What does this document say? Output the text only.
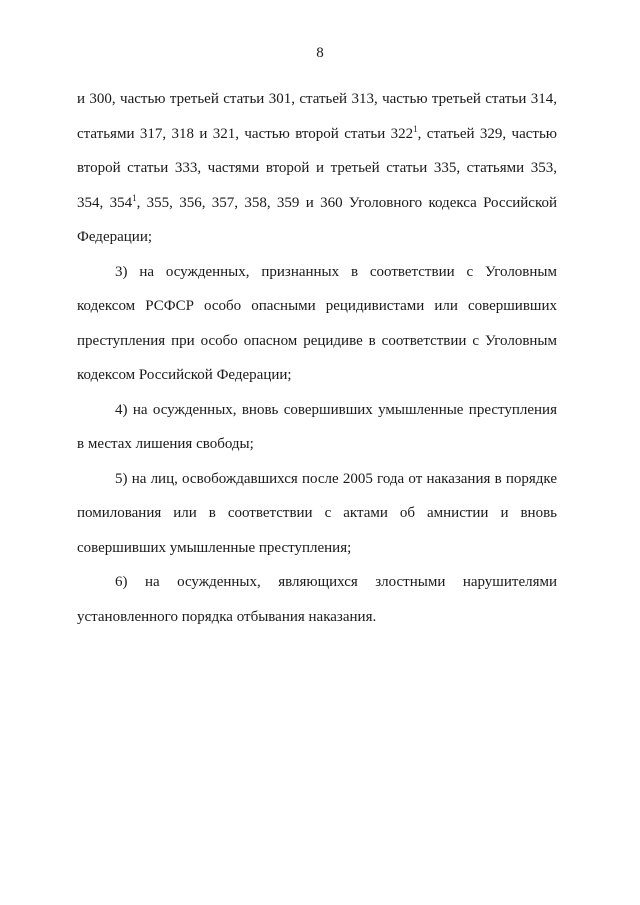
8

и 300, частью третьей статьи 301, статьей 313, частью третьей статьи 314, статьями 317, 318 и 321, частью второй статьи $322^1$, статьей 329, частью второй статьи 333, частями второй и третьей статьи 335, статьями 353, 354, $354^1$, 355, 356, 357, 358, 359 и 360 Уголовного кодекса Российской Федерации;

3) на осужденных, признанных в соответствии с Уголовным кодексом РСФСР особо опасными рецидивистами или совершивших преступления при особо опасном рецидиве в соответствии с Уголовным кодексом Российской Федерации;

4) на осужденных, вновь совершивших умышленные преступления в местах лишения свободы;

5) на лиц, освобождавшихся после 2005 года от наказания в порядке помилования или в соответствии с актами об амнистии и вновь совершивших умышленные преступления;

6) на осужденных, являющихся злостными нарушителями установленного порядка отбывания наказания.
